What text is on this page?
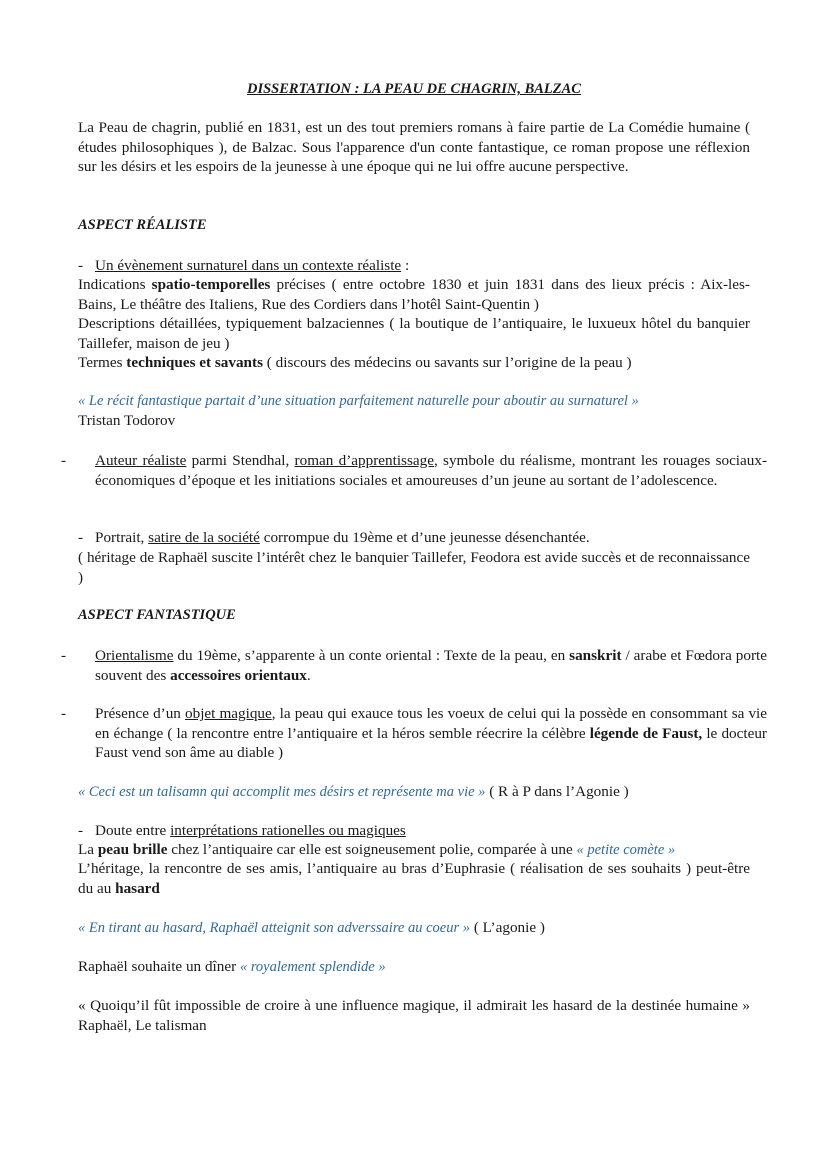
DISSERTATION : LA PEAU DE CHAGRIN, BALZAC
La Peau de chagrin, publié en 1831, est un des tout premiers romans à faire partie de La Comédie humaine ( études philosophiques ), de Balzac. Sous l'apparence d'un conte fantastique, ce roman propose une réflexion sur les désirs et les espoirs de la jeunesse à une époque qui ne lui offre aucune perspective.
ASPECT RÉALISTE
- Un évènement surnaturel dans un contexte réaliste :
Indications spatio-temporelles précises ( entre octobre 1830 et juin 1831 dans des lieux précis : Aix-les-Bains, Le théâtre des Italiens, Rue des Cordiers dans l’hotêl Saint-Quentin )
Descriptions détaillées, typiquement balzaciennes ( la boutique de l’antiquaire, le luxueux hôtel du banquier Taillefer, maison de jeu )
Termes techniques et savants ( discours des médecins ou savants sur l’origine de la peau )
« Le récit fantastique partait d’une situation parfaitement naturelle pour aboutir au surnaturel »
Tristan Todorov
- Auteur réaliste parmi Stendhal, roman d’apprentissage, symbole du réalisme, montrant les rouages sociaux-économiques d’époque et les initiations sociales et amoureuses d’un jeune au sortant de l’adolescence.
- Portrait, satire de la société corrompue du 19ème et d’une jeunesse désenchantée.
( héritage de Raphaël suscite l’intérêt chez le banquier Taillefer, Feodora est avide succès et de reconnaissance )
ASPECT FANTASTIQUE
- Orientalisme du 19ème, s’apparente à un conte oriental : Texte de la peau, en sanskrit / arabe et Fœdora porte souvent des accessoires orientaux.
- Présence d’un objet magique, la peau qui exauce tous les voeux de celui qui la possède en consommant sa vie en échange ( la rencontre entre l’antiquaire et la héros semble réecrire la célèbre légende de Faust, le docteur Faust vend son âme au diable )
« Ceci est un talisamn qui accomplit mes désirs et représente ma vie » ( R à P dans l’Agonie )
- Doute entre interprétations rationelles ou magiques
La peau brille chez l’antiquaire car elle est soigneusement polie, comparée à une « petite comète »
L’héritage, la rencontre de ses amis, l’antiquaire au bras d’Euphrasie ( réalisation de ses souhaits ) peut-être du au hasard
« En tirant au hasard, Raphaël atteignit son adverssaire au coeur » ( L’agonie )
Raphaël souhaite un dîner « royalement splendide »
« Quoiqu’il fût impossible de croire à une influence magique, il admirait les hasard de la destinée humaine » Raphaël, Le talisman
